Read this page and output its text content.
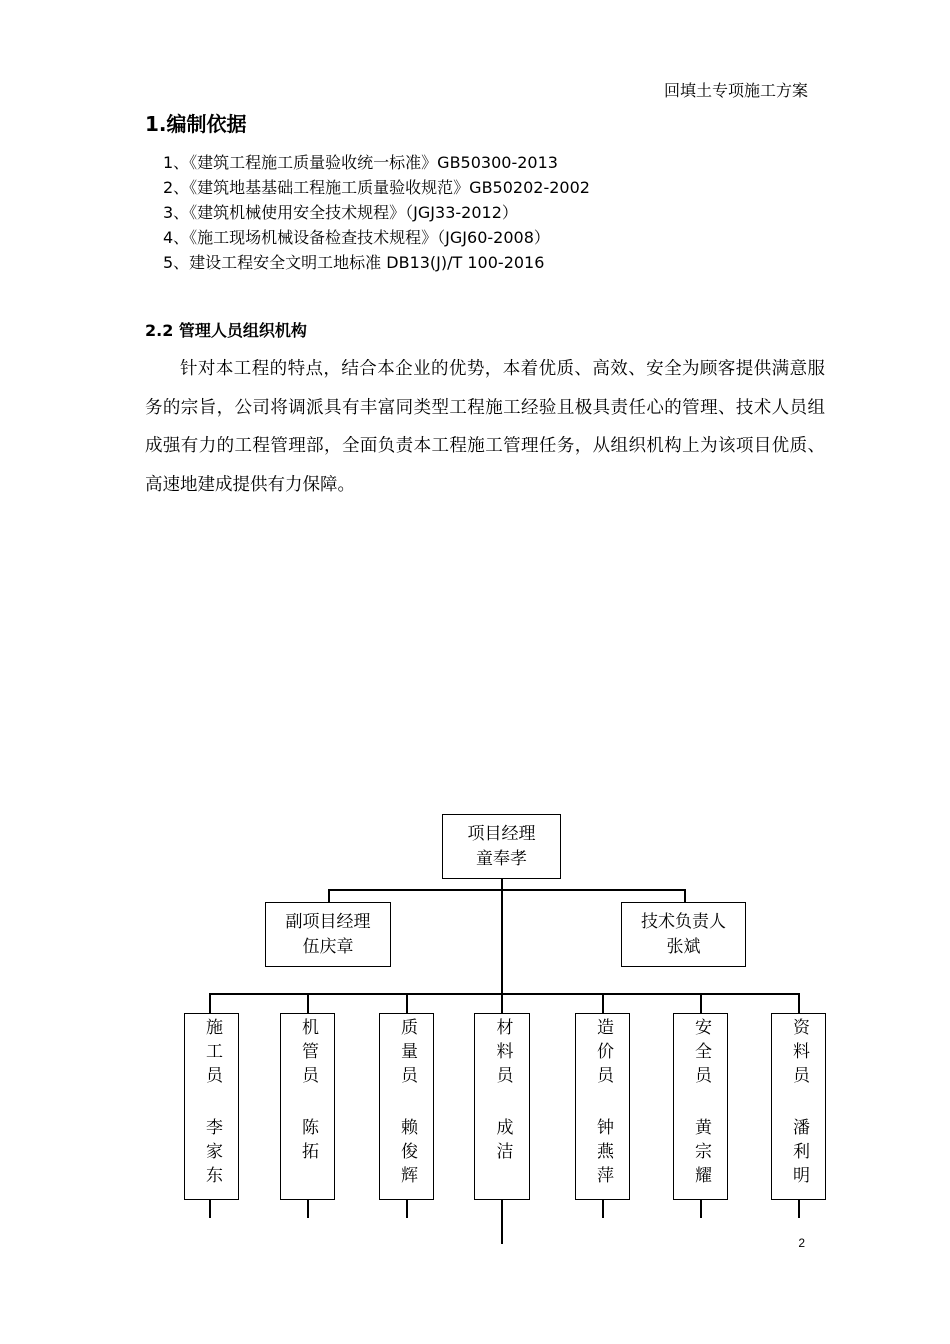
回填土专项施工方案
1.编制依据
1、《建筑工程施工质量验收统一标准》GB50300-2013
2、《建筑地基基础工程施工质量验收规范》GB50202-2002
3、《建筑机械使用安全技术规程》（JGJ33-2012）
4、《施工现场机械设备检查技术规程》（JGJ60-2008）
5、建设工程安全文明工地标准 DB13(J)/T 100-2016
2.2 管理人员组织机构
针对本工程的特点，结合本企业的优势，本着优质、高效、安全为顾客提供满意服务的宗旨，公司将调派具有丰富同类型工程施工经验且极具责任心的管理、技术人员组成强有力的工程管理部，全面负责本工程施工管理任务，从组织机构上为该项目优质、高速地建成提供有力保障。
项目经理
童奉孝
副项目经理
伍庆章
技术负责人
张斌
施工员
李家东
机管员
陈拓
质量员
赖俊辉
材料员
成洁
造价员
钟燕萍
安全员
黄宗耀
资料员
潘利明
2
